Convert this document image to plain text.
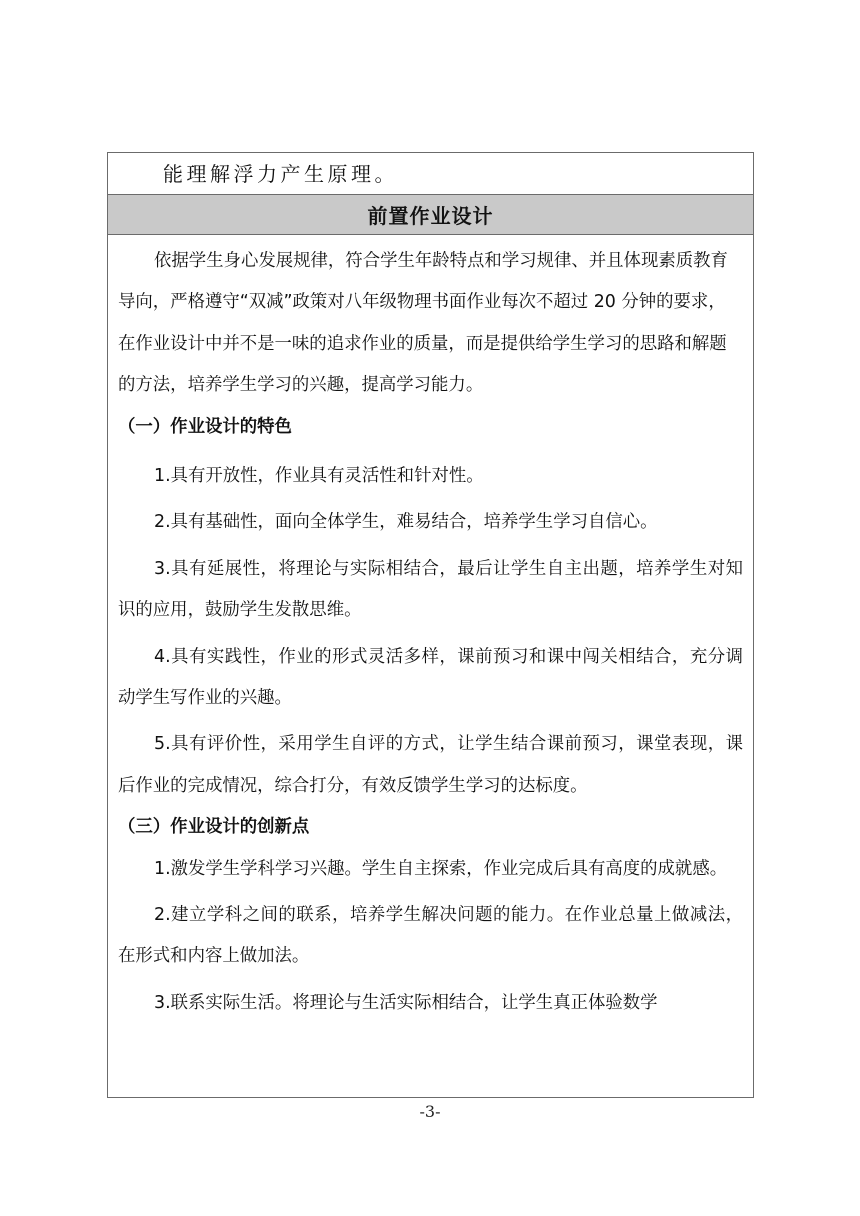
能理解浮力产生原理。
前置作业设计

依据学生身心发展规律，符合学生年龄特点和学习规律、并且体现素质教育导向，严格遵守“双减”政策对八年级物理书面作业每次不超过 20 分钟的要求，在作业设计中并不是一味的追求作业的质量，而是提供给学生学习的思路和解题的方法，培养学生学习的兴趣，提高学习能力。

（一）作业设计的特色

1.具有开放性，作业具有灵活性和针对性。

2.具有基础性，面向全体学生，难易结合，培养学生学习自信心。

3.具有延展性，将理论与实际相结合，最后让学生自主出题，培养学生对知识的应用，鼓励学生发散思维。

4.具有实践性，作业的形式灵活多样，课前预习和课中闯关相结合，充分调动学生写作业的兴趣。

5.具有评价性，采用学生自评的方式，让学生结合课前预习，课堂表现，课后作业的完成情况，综合打分，有效反馈学生学习的达标度。

（三）作业设计的创新点

1.激发学生学科学习兴趣。学生自主探索，作业完成后具有高度的成就感。

2.建立学科之间的联系，培养学生解决问题的能力。在作业总量上做减法，在形式和内容上做加法。

3.联系实际生活。将理论与生活实际相结合，让学生真正体验数学

-3-
